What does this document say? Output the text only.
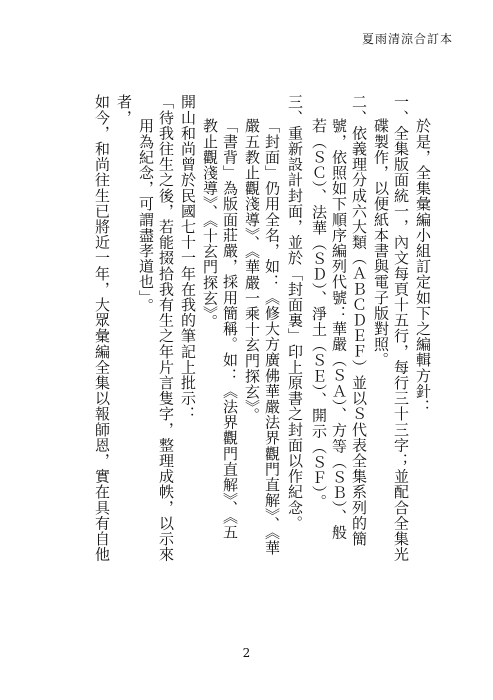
夏雨清涼合訂本
於是，全集彙編小組訂定如下之編輯方針：
一、全集版面統一，內文每頁十五行，每行三十三字；並配合全集光
碟製作，以便紙本書與電子版對照。
二、依義理分成六大類（ＡＢＣＤＥＦ）並以Ｓ代表全集系列的簡
號，依照如下順序編列代號：華嚴（ＳＡ）、方等（ＳＢ）、般
若（ＳＣ）、法華（ＳＤ）、淨土（ＳＥ）、開示（ＳＦ）。
三、重新設計封面，並於「封面裏」印上原書之封面以作紀念。
「封面」仍用全名，如：《修大方廣佛華嚴法界觀門直解》、《華
嚴五教止觀淺導》、《華嚴一乘十玄門探玄》。
「書背」為版面莊嚴，採用簡稱。如：《法界觀門直解》、《五
教止觀淺導》、《十玄門探玄》。
開山和尚曾於民國七十一年在我的筆記上批示：
「待我往生之後，若能掇拾我有生之年片言隻字，整理成帙，以示來
用為紀念，可謂盡孝道也」。
者，
如今，和尚往生已將近一年，大眾彙編全集以報師恩，實在具有自他
2
